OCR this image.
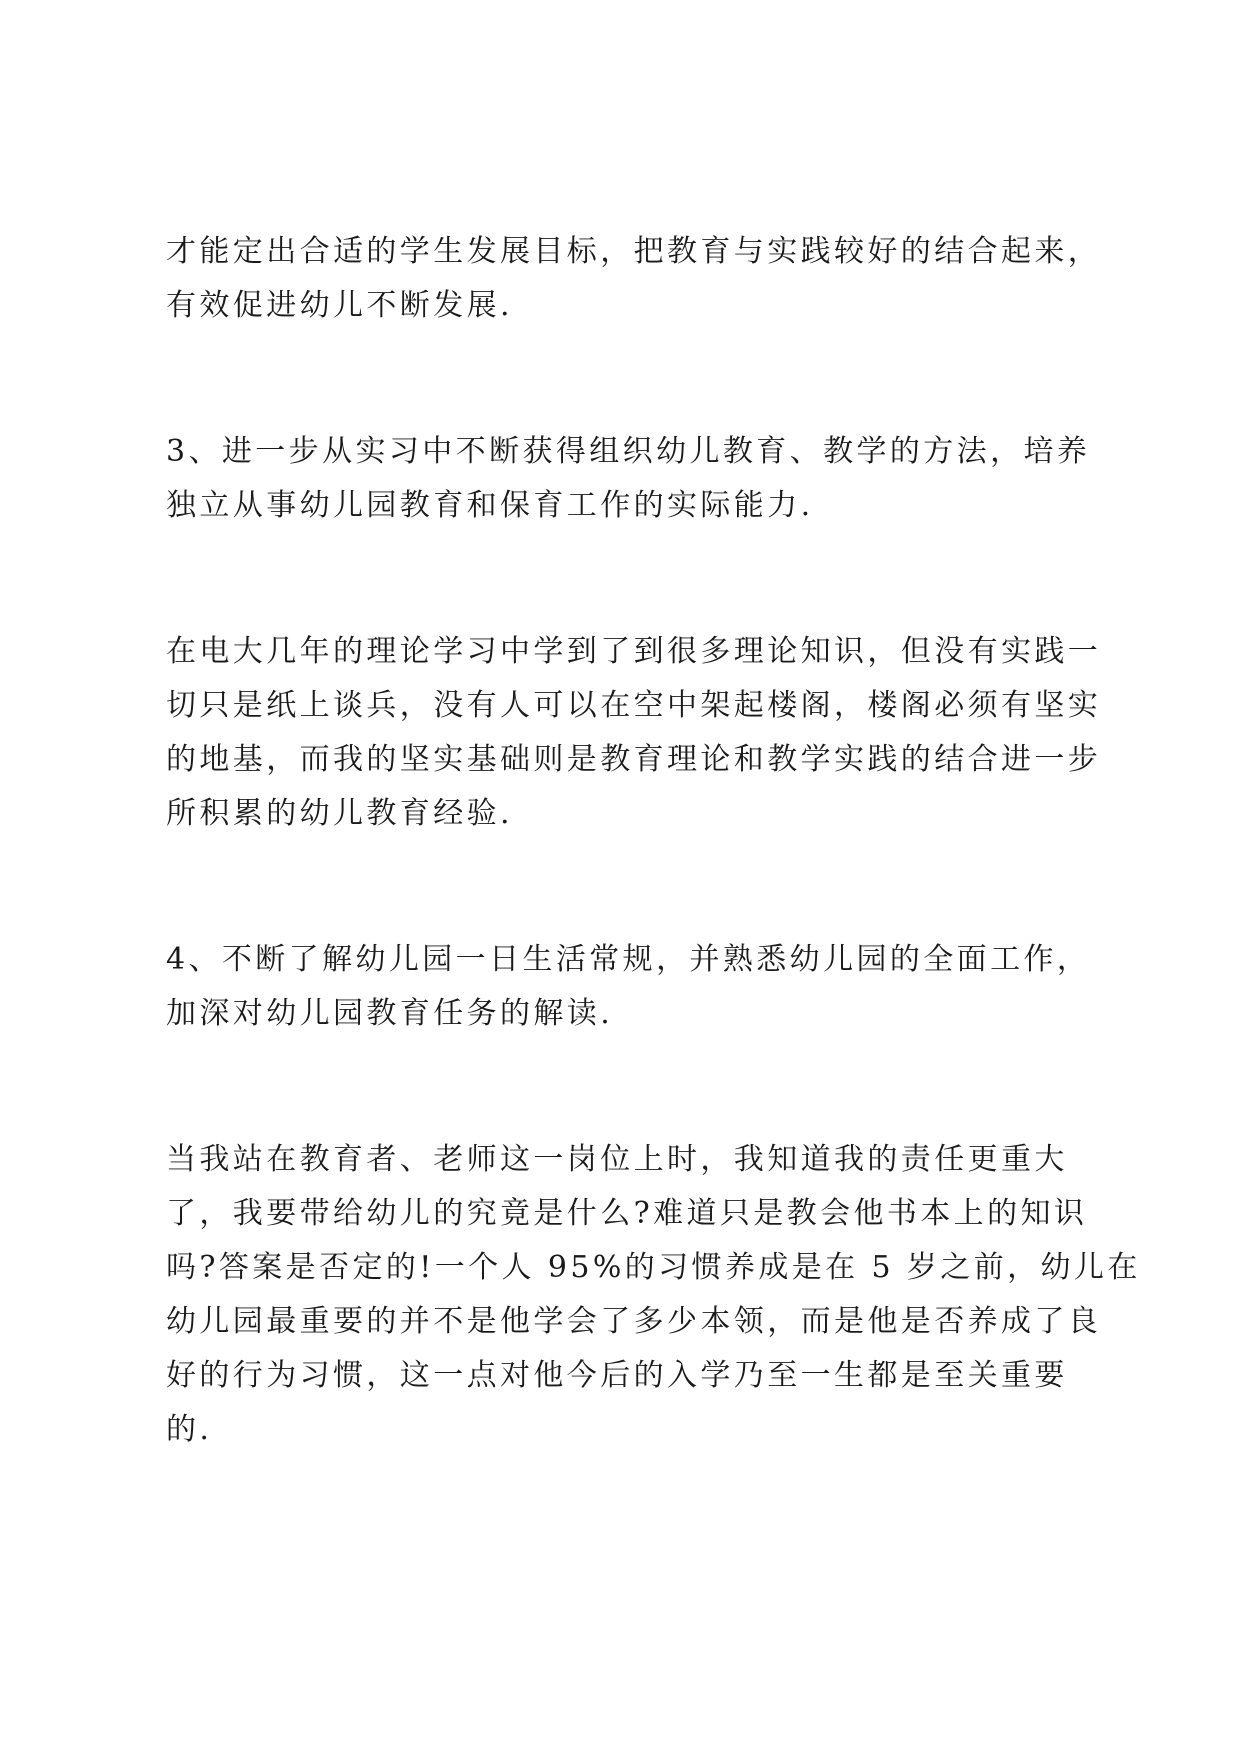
才能定出合适的学生发展目标，把教育与实践较好的结合起来，
有效促进幼儿不断发展.
3、进一步从实习中不断获得组织幼儿教育、教学的方法，培养
独立从事幼儿园教育和保育工作的实际能力.
在电大几年的理论学习中学到了到很多理论知识，但没有实践一
切只是纸上谈兵，没有人可以在空中架起楼阁，楼阁必须有坚实
的地基，而我的坚实基础则是教育理论和教学实践的结合进一步
所积累的幼儿教育经验.
4、不断了解幼儿园一日生活常规，并熟悉幼儿园的全面工作，
加深对幼儿园教育任务的解读.
当我站在教育者、老师这一岗位上时，我知道我的责任更重大
了，我要带给幼儿的究竟是什么?难道只是教会他书本上的知识
吗?答案是否定的!一个人 95%的习惯养成是在 5 岁之前，幼儿在
幼儿园最重要的并不是他学会了多少本领，而是他是否养成了良
好的行为习惯，这一点对他今后的入学乃至一生都是至关重要
的.
